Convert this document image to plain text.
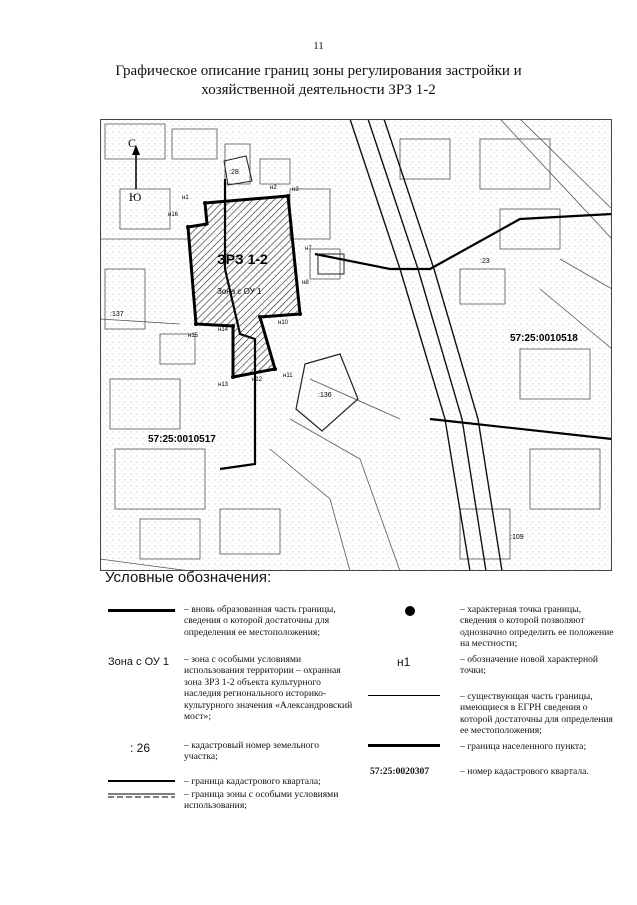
11
Графическое описание границ зоны регулирования застройки и
хозяйственной деятельности ЗРЗ 1-2
С
Ю
ЗРЗ 1-2
Зона с ОУ 1
57:25:0010517
57:25:0010518
:28
:137
:136
:23
:109
н1
н2	н3
н7
н8
н10
н11
н12
н13
н14
н15
н16
Условные обозначения:
– вновь образованная часть границы, сведения о которой достаточны для определения ее местоположения;
Зона с ОУ 1	– зона с особыми условиями использования территории – охранная зона ЗРЗ 1-2 объекта культурного наследия регионального историко-культурного значения «Александровский мост»;
: 26	– кадастровый номер земельного участка;
– граница кадастрового квартала;
– граница зоны с особыми условиями использования;
– характерная точка границы, сведения о которой позволяют однозначно определить ее положение на местности;
н1	– обозначение новой характерной точки;
– существующая часть границы, имеющиеся в ЕГРН сведения о которой достаточны для определения ее местоположения;
– граница населенного пункта;
57:25:0020307	– номер кадастрового квартала.
